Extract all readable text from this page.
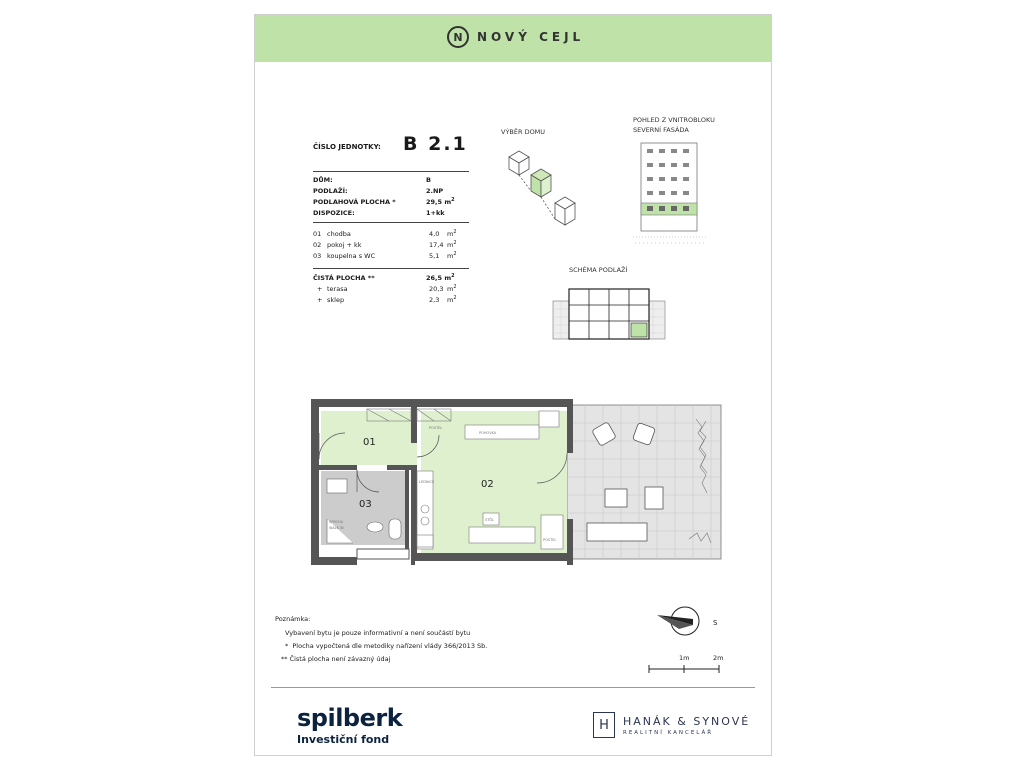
N	NOVÝ CEJL
ČÍSLO JEDNOTKY: B 2.1
DŮM:	B
PODLAŽÍ:	2.NP
PODLAHOVÁ PLOCHA *	29,5 $m^2$
DISPOZICE:	1+kk
01 chodba	4,0	$m^2$
02 pokoj + kk	17,4 $m^2$
03 koupelna s WC	5,1	$m^2$
ČISTÁ PLOCHA **	26,5 $m^2$
+ terasa	20,3 $m^2$
+ sklep	2,3	$m^2$
VÝBĚR DOMU
POHLED Z VNITROBLOKU
SEVERNÍ FASÁDA
SCHÉMA PODLAŽÍ
01
02
03
POHOVKA
POSTEL
LEDNICE
SPRCHA
WALK IN
STŮL
POSTEL
Poznámka:
Vybavení bytu je pouze informativní a není součástí bytu
* Plocha vypočtená dle metodiky nařízení vlády 366/2013 Sb.
** Čistá plocha není závazný údaj
S
1m	2m
spilberk
Investiční fond
H	HANÁK & SYNOVÉ
REALITNÍ KANCELÁŘ
